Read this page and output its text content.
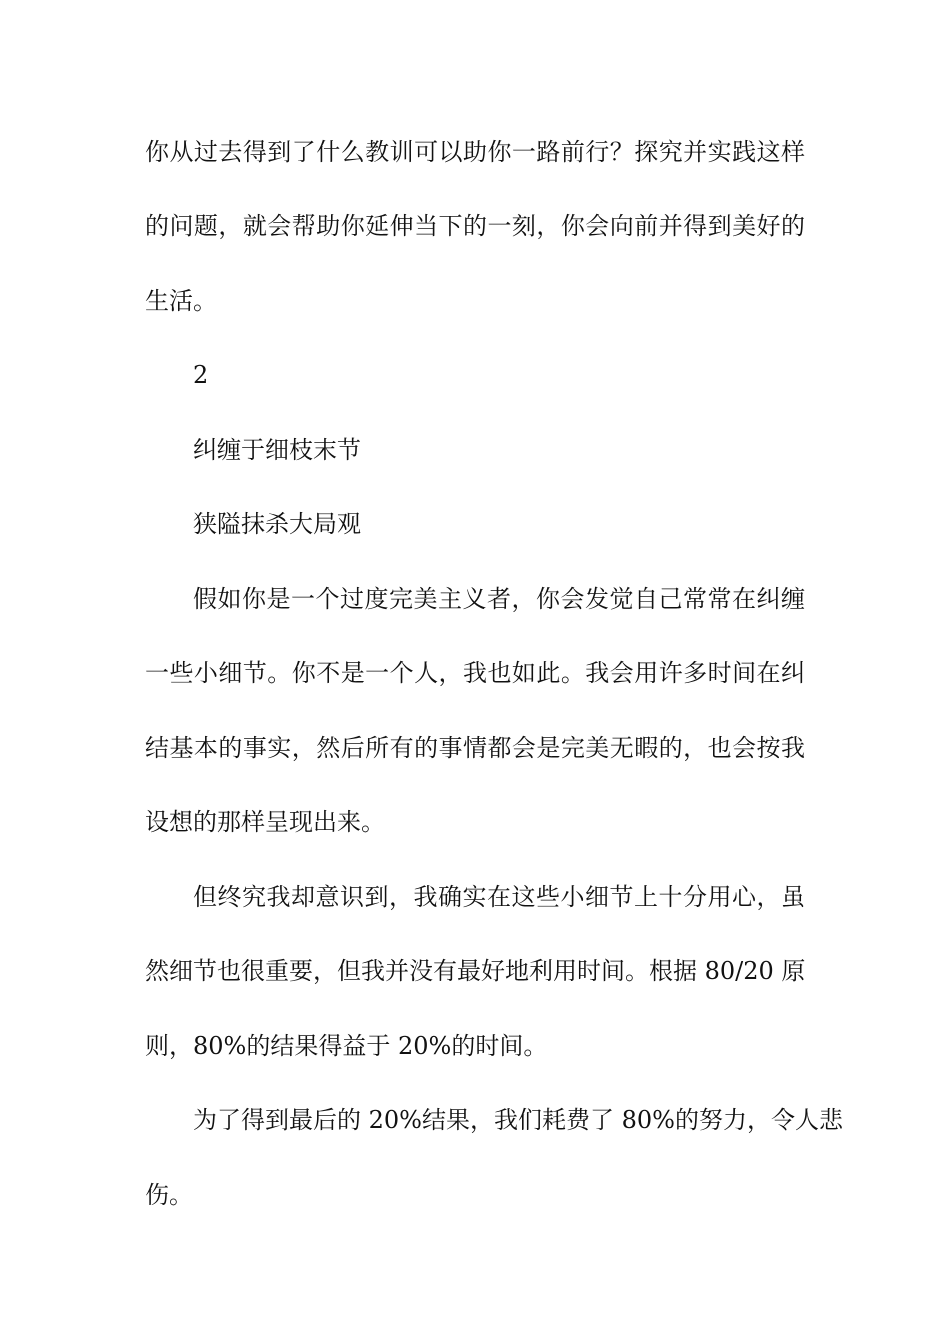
你从过去得到了什么教训可以助你一路前行？探究并实践这样
的问题，就会帮助你延伸当下的一刻，你会向前并得到美好的
生活。
2
纠缠于细枝末节
狭隘抹杀大局观
假如你是一个过度完美主义者，你会发觉自己常常在纠缠
一些小细节。你不是一个人，我也如此。我会用许多时间在纠
结基本的事实，然后所有的事情都会是完美无暇的，也会按我
设想的那样呈现出来。
但终究我却意识到，我确实在这些小细节上十分用心，虽
然细节也很重要，但我并没有最好地利用时间。根据 80/20 原
则，80%的结果得益于 20%的时间。
为了得到最后的 20%结果，我们耗费了 80%的努力，令人悲
伤。
